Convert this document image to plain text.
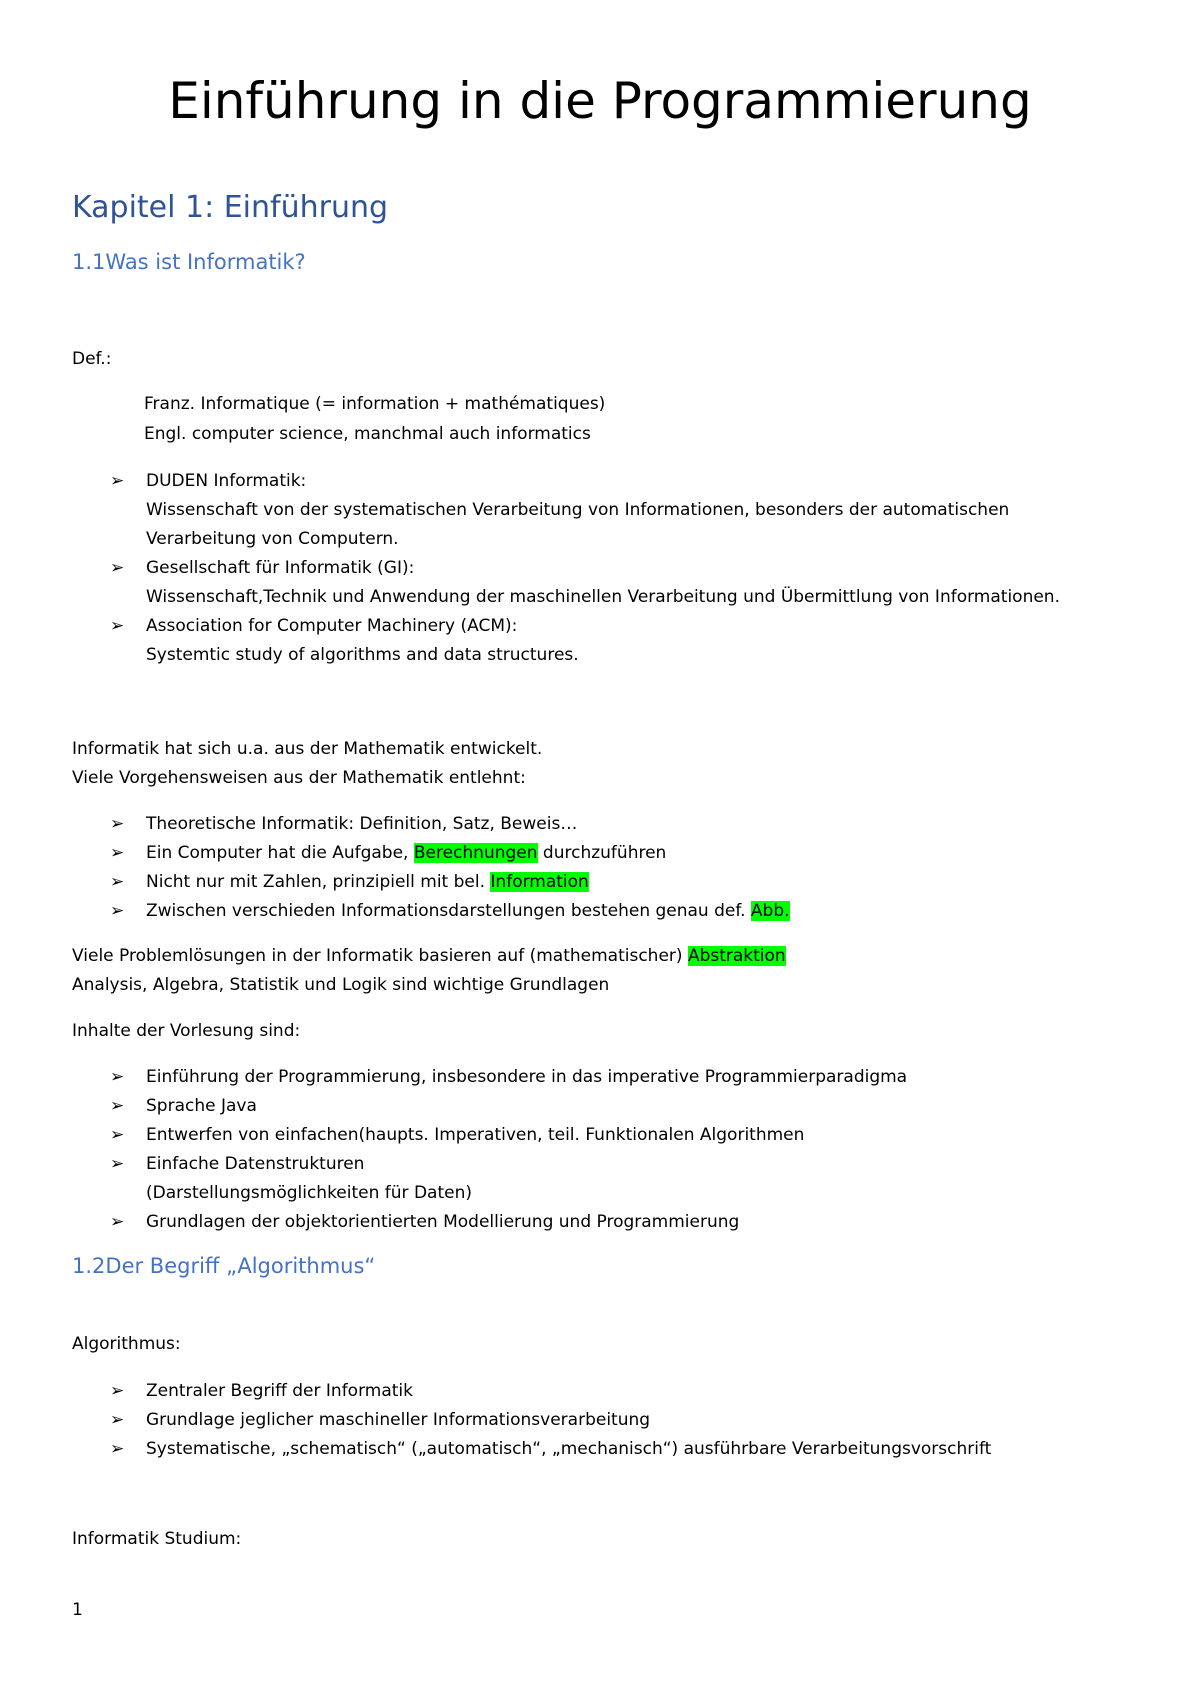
Einführung in die Programmierung
Kapitel 1: Einführung
1.1Was ist Informatik?

Def.:

Franz. Informatique (= information + mathématiques)

Engl. computer science, manchmal auch informatics

➢ DUDEN Informatik:
Wissenschaft von der systematischen Verarbeitung von Informationen, besonders der automatischen
Verarbeitung von Computern.
➢ Gesellschaft für Informatik (GI):
Wissenschaft,Technik und Anwendung der maschinellen Verarbeitung und Übermittlung von Informationen.
➢ Association for Computer Machinery (ACM):
Systemtic study of algorithms and data structures.

Informatik hat sich u.a. aus der Mathematik entwickelt.

Viele Vorgehensweisen aus der Mathematik entlehnt:

➢ Theoretische Informatik: Definition, Satz, Beweis…
➢ Ein Computer hat die Aufgabe, Berechnungen durchzuführen
➢ Nicht nur mit Zahlen, prinzipiell mit bel. Information
➢ Zwischen verschieden Informationsdarstellungen bestehen genau def. Abb.

Viele Problemlösungen in der Informatik basieren auf (mathematischer) Abstraktion

Analysis, Algebra, Statistik und Logik sind wichtige Grundlagen

Inhalte der Vorlesung sind:

➢ Einführung der Programmierung, insbesondere in das imperative Programmierparadigma
➢ Sprache Java
➢ Entwerfen von einfachen(haupts. Imperativen, teil. Funktionalen Algorithmen
➢ Einfache Datenstrukturen
(Darstellungsmöglichkeiten für Daten)
➢ Grundlagen der objektorientierten Modellierung und Programmierung
1.2Der Begriff „Algorithmus“

Algorithmus:

➢ Zentraler Begriff der Informatik
➢ Grundlage jeglicher maschineller Informationsverarbeitung
➢ Systematische, „schematisch“ („automatisch“, „mechanisch“) ausführbare Verarbeitungsvorschrift

Informatik Studium:

1
